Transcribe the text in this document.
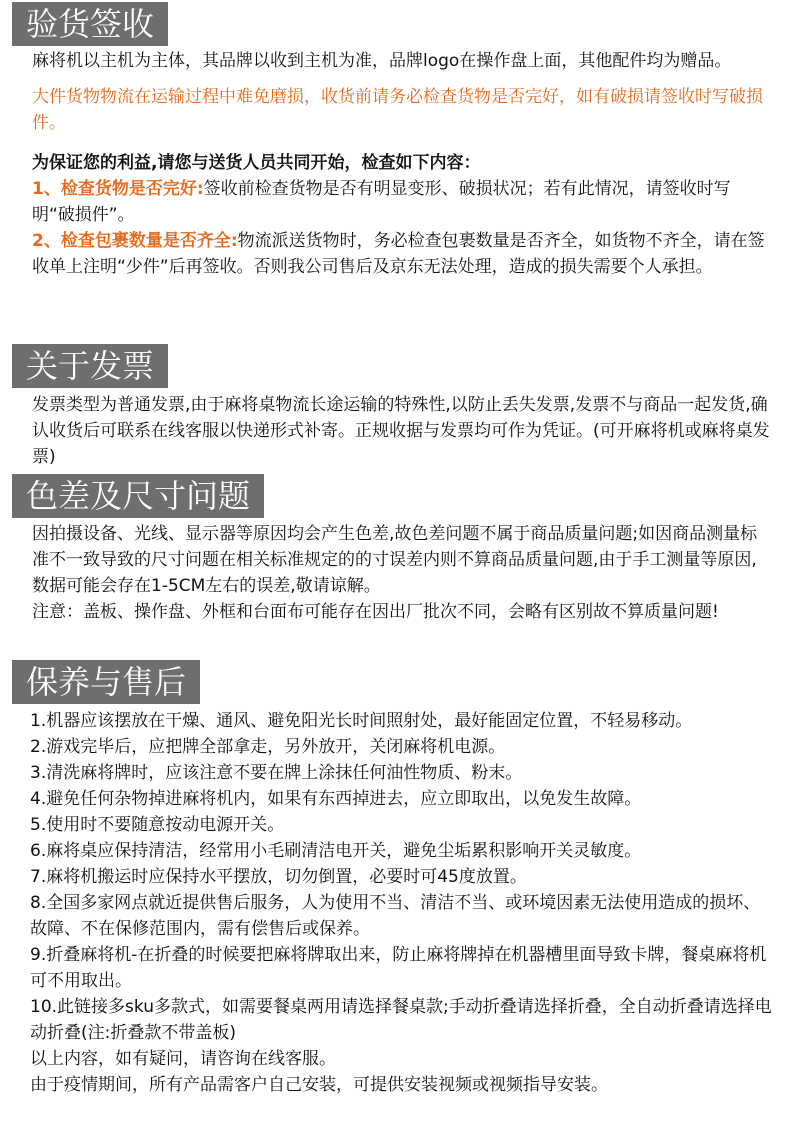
验货签收

麻将机以主机为主体，其品牌以收到主机为准，品牌logo在操作盘上面，其他配件均为赠品。

大件货物物流在运输过程中难免磨损，收货前请务必检查货物是否完好，如有破损请签收时写破损件。

为保证您的利益,请您与送货人员共同开始，检查如下内容：

1、检查货物是否完好:签收前检查货物是否有明显变形、破损状况；若有此情况，请签收时写明“破损件”。

2、检查包裹数量是否齐全:物流派送货物时，务必检查包裹数量是否齐全，如货物不齐全，请在签收单上注明“少件”后再签收。否则我公司售后及京东无法处理，造成的损失需要个人承担。

关于发票
发票类型为普通发票,由于麻将桌物流长途运输的特殊性,以防止丢失发票,发票不与商品一起发货,确认收货后可联系在线客服以快递形式补寄。正规收据与发票均可作为凭证。(可开麻将机或麻将桌发票)
色差及尺寸问题

因拍摄设备、光线、显示器等原因均会产生色差,故色差问题不属于商品质量问题;如因商品测量标准不一致导致的尺寸问题在相关标准规定的的寸误差内则不算商品质量问题,由于手工测量等原因,数据可能会存在1-5CM左右的误差,敬请谅解。

注意：盖板、操作盘、外框和台面布可能存在因出厂批次不同，会略有区别故不算质量问题!

保养与售后

1.机器应该摆放在干燥、通风、避免阳光长时间照射处，最好能固定位置，不轻易移动。

2.游戏完毕后，应把牌全部拿走，另外放开，关闭麻将机电源。

3.清洗麻将牌时，应该注意不要在牌上涂抹任何油性物质、粉末。

4.避免任何杂物掉进麻将机内，如果有东西掉进去，应立即取出，以免发生故障。

5.使用时不要随意按动电源开关。

6.麻将桌应保持清洁，经常用小毛刷清洁电开关，避免尘垢累积影响开关灵敏度。

7.麻将机搬运时应保持水平摆放，切勿倒置，必要时可45度放置。

8.全国多家网点就近提供售后服务，人为使用不当、清洁不当、或环境因素无法使用造成的损坏、故障、不在保修范围内，需有偿售后或保养。

9.折叠麻将机-在折叠的时候要把麻将牌取出来，防止麻将牌掉在机器槽里面导致卡牌，餐桌麻将机可不用取出。

10.此链接多sku多款式，如需要餐桌两用请选择餐桌款;手动折叠请选择折叠，全自动折叠请选择电动折叠(注:折叠款不带盖板)

以上内容，如有疑问，请咨询在线客服。

由于疫情期间，所有产品需客户自己安装，可提供安装视频或视频指导安装。
